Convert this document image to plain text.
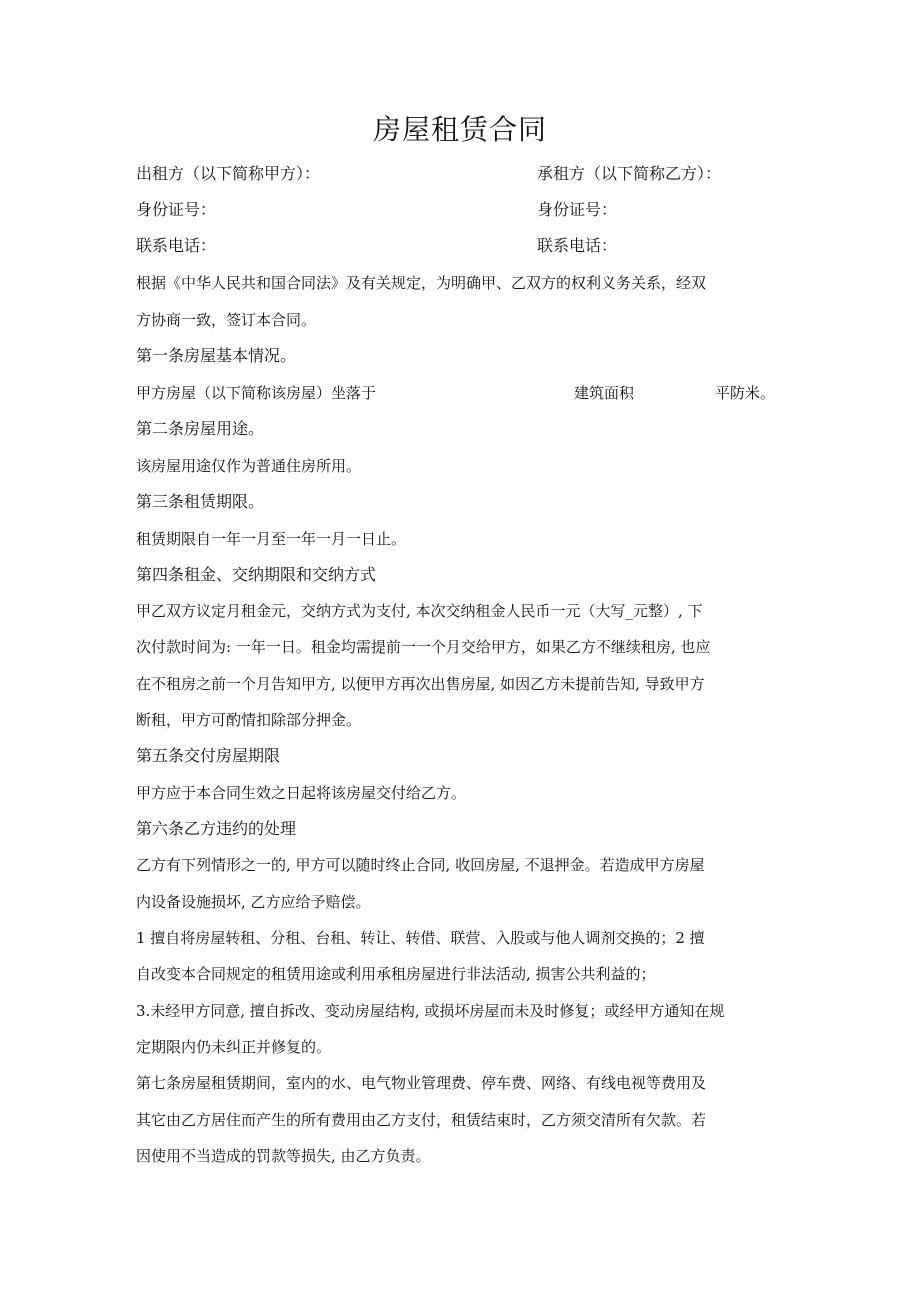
房屋租赁合同
出租方（以下简称甲方）：	承租方（以下简称乙方）：
身份证号：	身份证号：
联系电话：	联系电话：
根据《中华人民共和国合同法》及有关规定，为明确甲、乙双方的权利义务关系，经双
方协商一致，签订本合同。
第一条房屋基本情况。
甲方房屋（以下简称该房屋）坐落于	建筑面积	平防米。
第二条房屋用途。
该房屋用途仅作为普通住房所用。
第三条租赁期限。
租赁期限自一年一月至一年一月一日止。
第四条租金、交纳期限和交纳方式
甲乙双方议定月租金元，交纳方式为支付, 本次交纳租金人民币一元（大写_元整）, 下
次付款时间为: 一年一日。租金均需提前一一个月交给甲方，如果乙方不继续租房, 也应
在不租房之前一个月告知甲方, 以便甲方再次出售房屋, 如因乙方未提前告知, 导致甲方
断租，甲方可酌情扣除部分押金。
第五条交付房屋期限
甲方应于本合同生效之日起将该房屋交付给乙方。
第六条乙方违约的处理
乙方有下列情形之一的, 甲方可以随时终止合同, 收回房屋, 不退押金。若造成甲方房屋
内设备设施损坏, 乙方应给予赔偿。
1 擅自将房屋转租、分租、台租、转让、转借、联营、入股或与他人调剂交换的；2 擅
自改变本合同规定的租赁用途或利用承租房屋进行非法活动, 损害公共利益的；
3.未经甲方同意, 擅自拆改、变动房屋结构, 或损坏房屋而未及时修复；或经甲方通知在规
定期限内仍未纠正并修复的。
第七条房屋租赁期间，室内的水、电气物业管理费、停车费、网络、有线电视等费用及
其它由乙方居住而产生的所有费用由乙方支付，租赁结束时，乙方须交清所有欠款。若
因使用不当造成的罚款等损失, 由乙方负责。
